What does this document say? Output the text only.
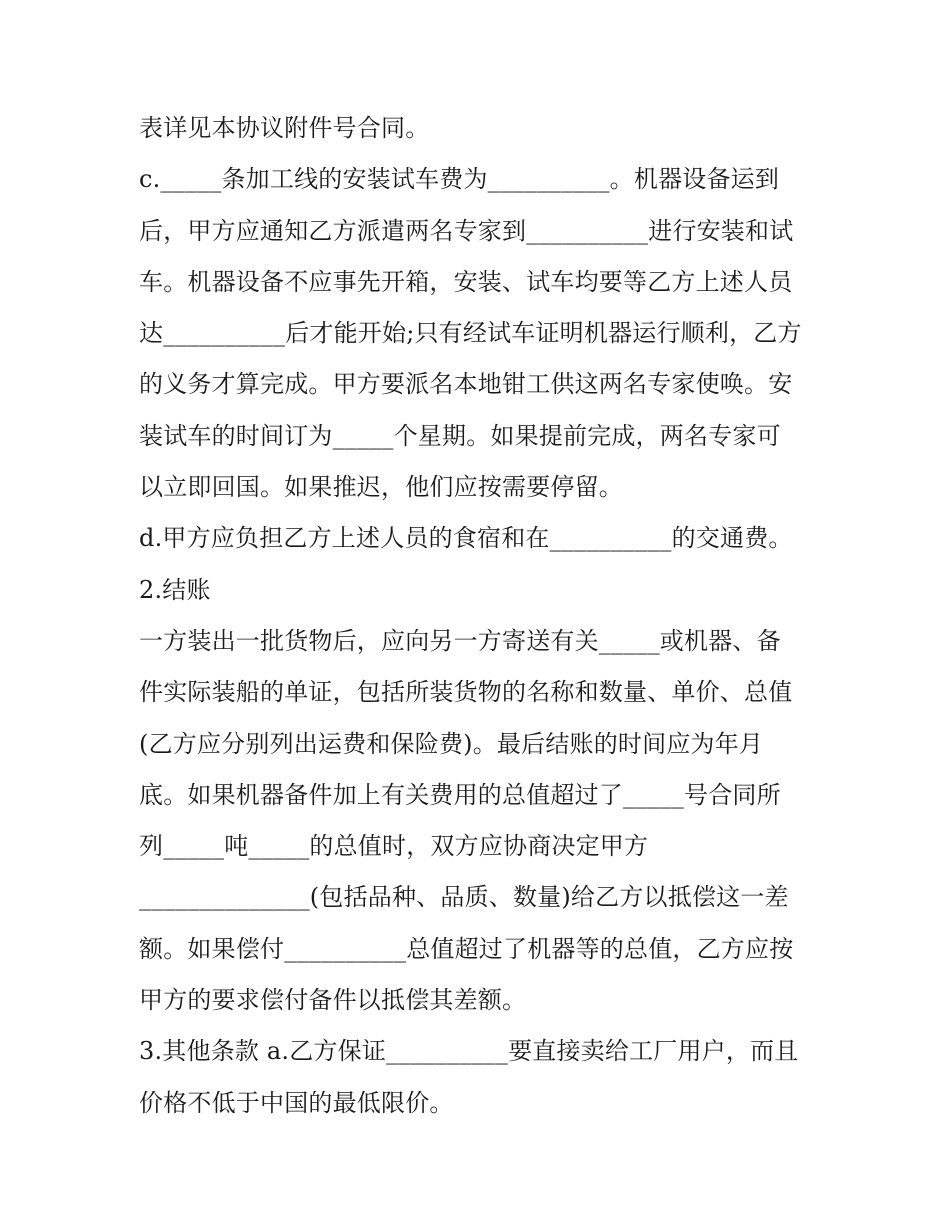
表详见本协议附件号合同。
c._____条加工线的安装试车费为__________。机器设备运到
后，甲方应通知乙方派遣两名专家到__________进行安装和试
车。机器设备不应事先开箱，安装、试车均要等乙方上述人员
达__________后才能开始;只有经试车证明机器运行顺利，乙方
的义务才算完成。甲方要派名本地钳工供这两名专家使唤。安
装试车的时间订为_____个星期。如果提前完成，两名专家可
以立即回国。如果推迟，他们应按需要停留。
d.甲方应负担乙方上述人员的食宿和在__________的交通费。
2.结账
一方装出一批货物后，应向另一方寄送有关_____或机器、备
件实际装船的单证，包括所装货物的名称和数量、单价、总值
(乙方应分别列出运费和保险费)。最后结账的时间应为年月
底。如果机器备件加上有关费用的总值超过了_____号合同所
列_____吨_____的总值时，双方应协商决定甲方
______________(包括品种、品质、数量)给乙方以抵偿这一差
额。如果偿付__________总值超过了机器等的总值，乙方应按
甲方的要求偿付备件以抵偿其差额。
3.其他条款 a.乙方保证__________要直接卖给工厂用户，而且
价格不低于中国的最低限价。
